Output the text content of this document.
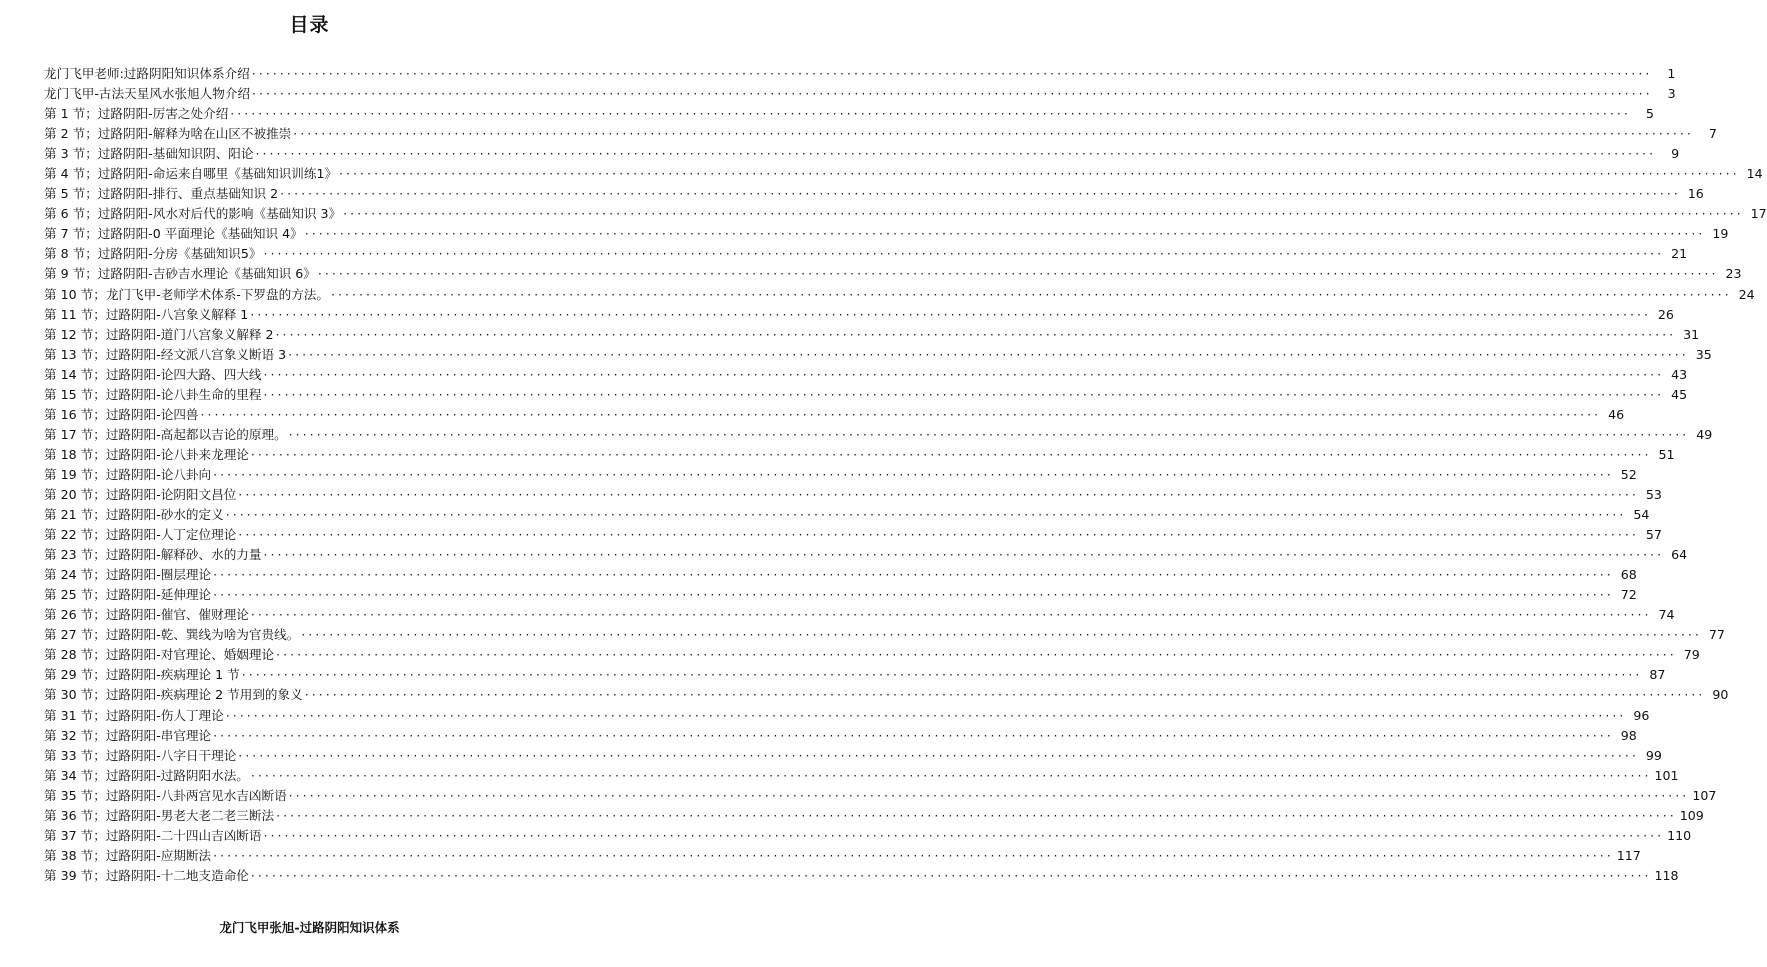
目录
龙门飞甲老师:过路阴阳知识体系介绍 ········································································································································································································	1
龙门飞甲-古法天星风水张旭人物介绍 ········································································································································································································	3
第 1 节；过路阴阳-厉害之处介绍 ········································································································································································································	5
第 2 节；过路阴阳-解释为啥在山区不被推崇 ········································································································································································································	7
第 3 节；过路阴阳-基础知识阴、阳论 ········································································································································································································	9
第 4 节；过路阴阳-命运来自哪里《基础知识训练1》 ········································································································································································································ 14
第 5 节；过路阴阳-排行、重点基础知识 2 ········································································································································································································ 16
第 6 节；过路阴阳-风水对后代的影响《基础知识 3》 ········································································································································································································ 17
第 7 节；过路阴阳-0 平面理论《基础知识 4》 ········································································································································································································ 19
第 8 节；过路阴阳-分房《基础知识5》 ········································································································································································································ 21
第 9 节；过路阴阳-吉砂吉水理论《基础知识 6》 ········································································································································································································ 23
第 10 节；龙门飞甲-老师学术体系-下罗盘的方法。 ········································································································································································································ 24
第 11 节；过路阴阳-八宫象义解释 1 ········································································································································································································ 26
第 12 节；过路阴阳-道门八宫象义解释 2 ········································································································································································································ 31
第 13 节；过路阴阳-经文派八宫象义断语 3 ········································································································································································································ 35
第 14 节；过路阴阳-论四大路、四大线 ········································································································································································································ 43
第 15 节；过路阴阳-论八卦生命的里程 ········································································································································································································ 45
第 16 节；过路阴阳-论四兽 ········································································································································································································ 46
第 17 节；过路阴阳-高起都以吉论的原理。 ········································································································································································································ 49
第 18 节；过路阴阳-论八卦来龙理论 ········································································································································································································ 51
第 19 节；过路阴阳-论八卦向 ········································································································································································································ 52
第 20 节；过路阴阳-论阴阳文昌位 ········································································································································································································ 53
第 21 节；过路阴阳-砂水的定义 ········································································································································································································ 54
第 22 节；过路阴阳-人丁定位理论 ········································································································································································································ 57
第 23 节；过路阴阳-解释砂、水的力量 ········································································································································································································ 64
第 24 节；过路阴阳-圈层理论 ········································································································································································································ 68
第 25 节；过路阴阳-延伸理论 ········································································································································································································ 72
第 26 节；过路阴阳-催官、催财理论 ········································································································································································································ 74
第 27 节；过路阴阳-乾、巽线为啥为官贵线。 ········································································································································································································ 77
第 28 节；过路阴阳-对官理论、婚姻理论 ········································································································································································································ 79
第 29 节；过路阴阳-疾病理论 1 节 ········································································································································································································ 87
第 30 节；过路阴阳-疾病理论 2 节用到的象义 ········································································································································································································ 90
第 31 节；过路阴阳-伤人丁理论 ········································································································································································································ 96
第 32 节；过路阴阳-串官理论 ········································································································································································································ 98
第 33 节；过路阴阳-八字日干理论 ········································································································································································································ 99
第 34 节；过路阴阳-过路阴阳水法。 ········································································································································································································ 101
第 35 节；过路阴阳-八卦两宫见水吉凶断语 ········································································································································································································ 107
第 36 节；过路阴阳-男老大老二老三断法 ········································································································································································································ 109
第 37 节；过路阴阳-二十四山吉凶断语 ········································································································································································································ 110
第 38 节；过路阴阳-应期断法 ········································································································································································································ 117
第 39 节；过路阴阳-十二地支造命伦 ········································································································································································································ 118
龙门飞甲张旭-过路阴阳知识体系
